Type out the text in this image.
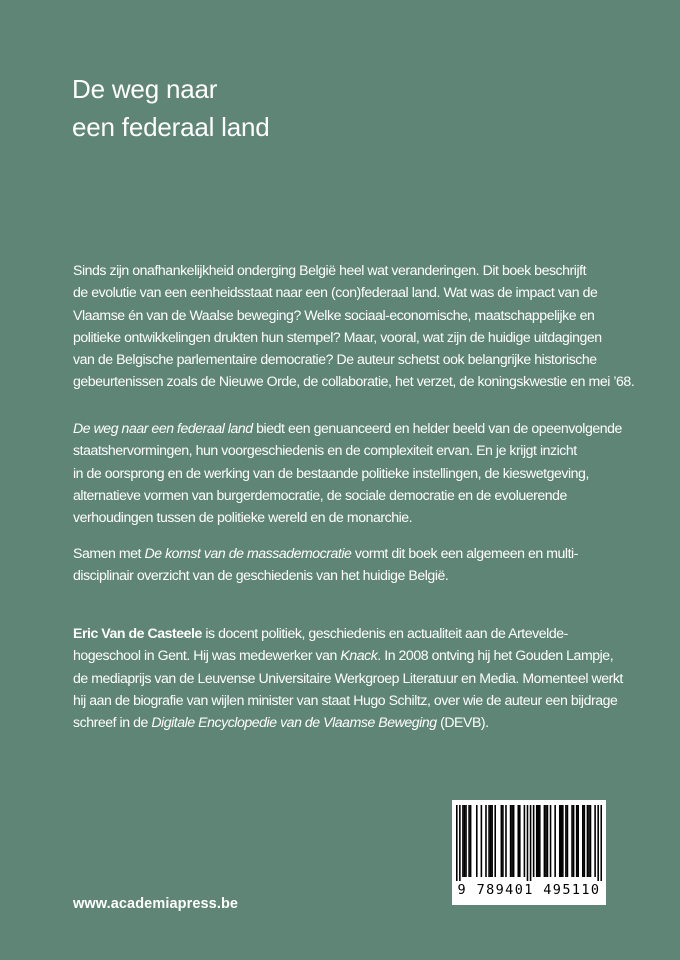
De weg naar
een federaal land

Sinds zijn onafhankelijkheid onderging België heel wat veranderingen. Dit boek beschrijft
de evolutie van een eenheidsstaat naar een (con)federaal land. Wat was de impact van de
Vlaamse én van de Waalse beweging? Welke sociaal-economische, maatschappelijke en
politieke ontwikkelingen drukten hun stempel? Maar, vooral, wat zijn de huidige uitdagingen
van de Belgische parlementaire democratie? De auteur schetst ook belangrijke historische
gebeurtenissen zoals de Nieuwe Orde, de collaboratie, het verzet, de koningskwestie en mei ’68.

De weg naar een federaal land biedt een genuanceerd en helder beeld van de opeenvolgende
staatshervormingen, hun voorgeschiedenis en de complexiteit ervan. En je krijgt inzicht
in de oorsprong en de werking van de bestaande politieke instellingen, de kieswetgeving,
alternatieve vormen van burgerdemocratie, de sociale democratie en de evoluerende
verhoudingen tussen de politieke wereld en de monarchie.

Samen met De komst van de massademocratie vormt dit boek een algemeen en multi-
disciplinair overzicht van de geschiedenis van het huidige België.

Eric Van de Casteele is docent politiek, geschiedenis en actualiteit aan de Artevelde-
hogeschool in Gent. Hij was medewerker van Knack. In 2008 ontving hij het Gouden Lampje,
de mediaprijs van de Leuvense Universitaire Werkgroep Literatuur en Media. Momenteel werkt
hij aan de biografie van wijlen minister van staat Hugo Schiltz, over wie de auteur een bijdrage
schreef in de Digitale Encyclopedie van de Vlaamse Beweging (DEVB).

www.academiapress.be
9 789401 495110
